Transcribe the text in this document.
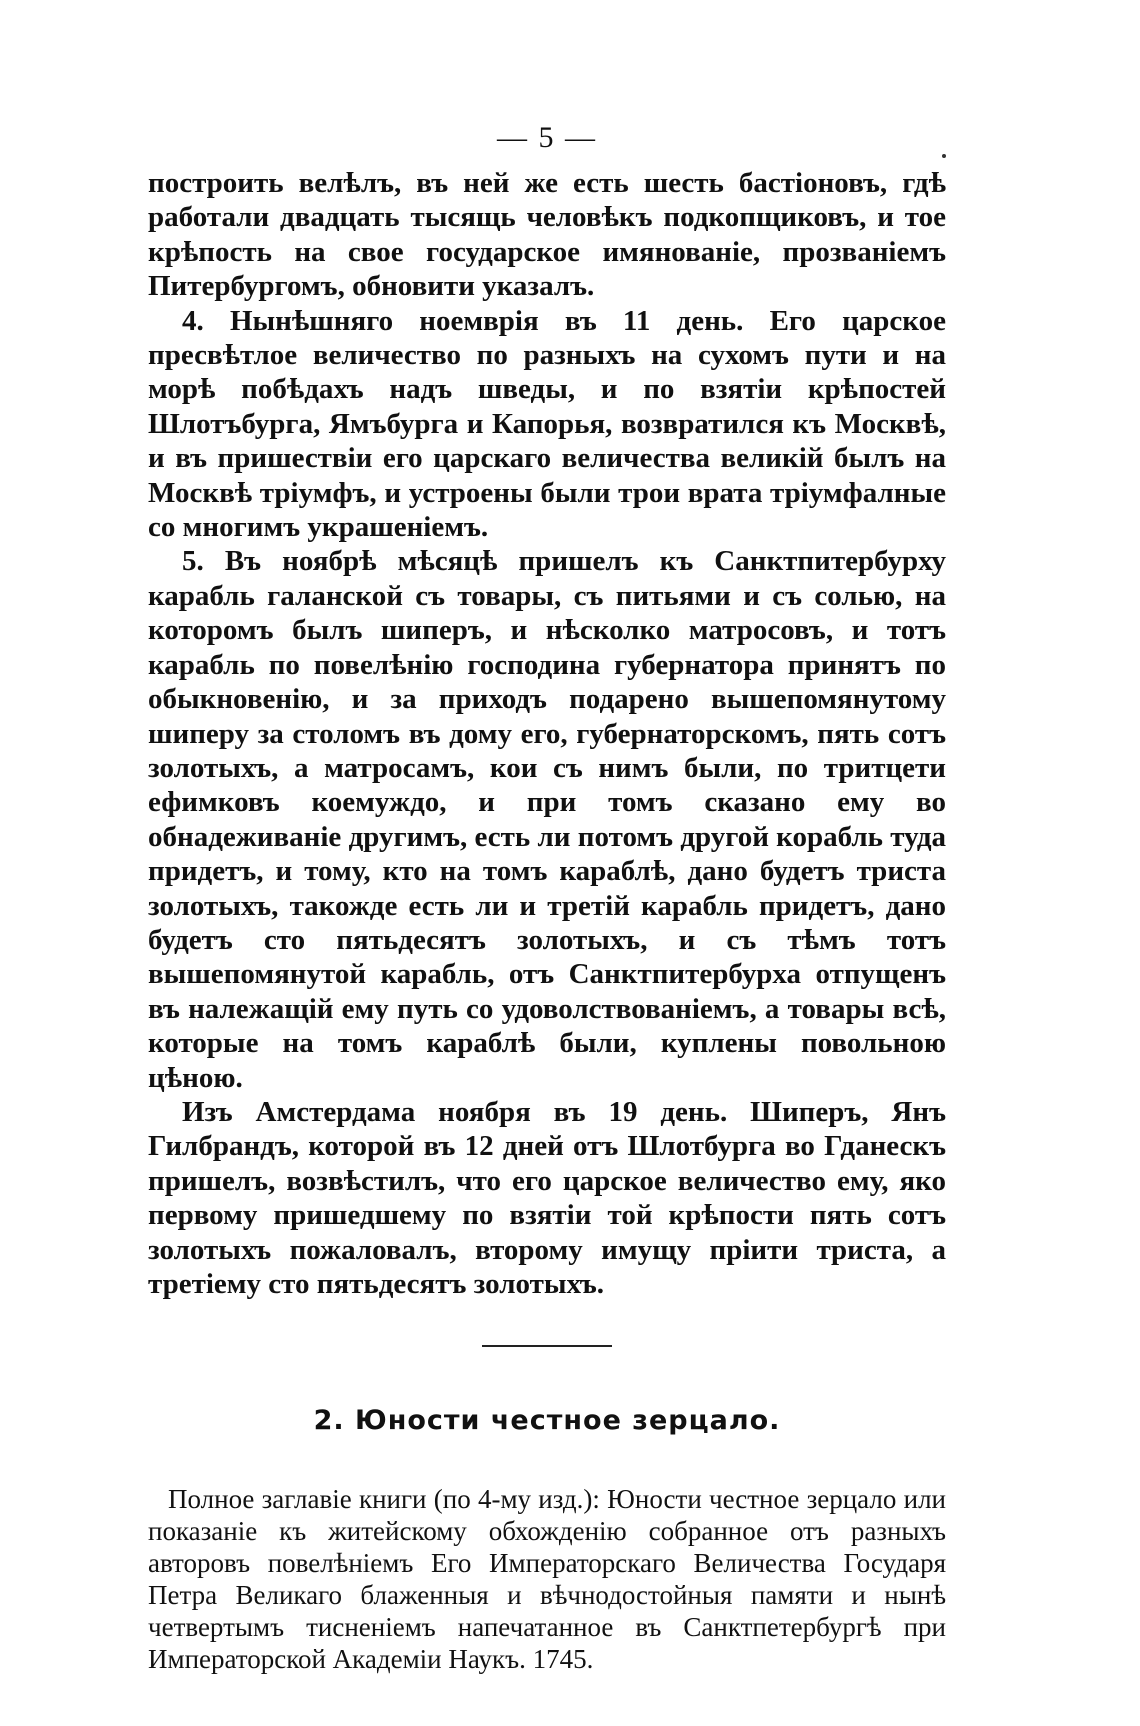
— 5 —

построить велѣлъ, въ ней же есть шесть бастіоновъ, гдѣ работали двадцать тысящь человѣкъ подкопщиковъ, и тое крѣпость на свое государское имянованіе, прозваніемъ Питербургомъ, обновити указалъ.

4. Нынѣшняго ноемврія въ 11 день. Его царское пресвѣтлое величество по разныхъ на сухомъ пути и на морѣ побѣдахъ надъ шведы, и по взятіи крѣпостей Шлотъбурга, Ямъбурга и Капорья, возвратился къ Москвѣ, и въ пришествіи его царскаго величества великій былъ на Москвѣ тріумфъ, и устроены были трои врата тріумфалные со многимъ украшеніемъ.

5. Въ ноябрѣ мѣсяцѣ пришелъ къ Санктпитербурху карабль галанской съ товары, съ питьями и съ солью, на которомъ былъ шиперъ, и нѣсколко матросовъ, и тотъ карабль по повелѣнію господина губернатора принятъ по обыкновенію, и за приходъ подарено вышепомянутому шиперу за столомъ въ дому его, губернаторскомъ, пять сотъ золотыхъ, а матросамъ, кои съ нимъ были, по тритцети ефимковъ коемуждо, и при томъ сказано ему во обнадеживаніе другимъ, есть ли потомъ другой корабль туда придетъ, и тому, кто на томъ караблѣ, дано будетъ триста золотыхъ, такожде есть ли и третій карабль придетъ, дано будетъ сто пятьдесятъ золотыхъ, и съ тѣмъ тотъ вышепомянутой карабль, отъ Санктпитербурха отпущенъ въ належащій ему путь со удоволствованіемъ, а товары всѣ, которые на томъ караблѣ были, куплены повольною цѣною.

Изъ Амстердама ноября въ 19 день. Шиперъ, Янъ Гилбрандъ, которой въ 12 дней отъ Шлотбурга во Гданескъ пришелъ, возвѣстилъ, что его царское величество ему, яко первому пришедшему по взятіи той крѣпости пять сотъ золотыхъ пожаловалъ, второму имущу пріити триста, а третіему сто пятьдесятъ золотыхъ.

2. Юности честное зерцало.

Полное заглавіе книги (по 4-му изд.): Юности честное зерцало или показаніе къ житейскому обхожденію собранное отъ разныхъ авторовъ повелѣніемъ Его Императорскаго Величества Государя Петра Великаго блаженныя и вѣчнодостойныя памяти и нынѣ четвертымъ тисненіемъ напечатанное въ Санктпетербургѣ при Императорской Академіи Наукъ. 1745.
